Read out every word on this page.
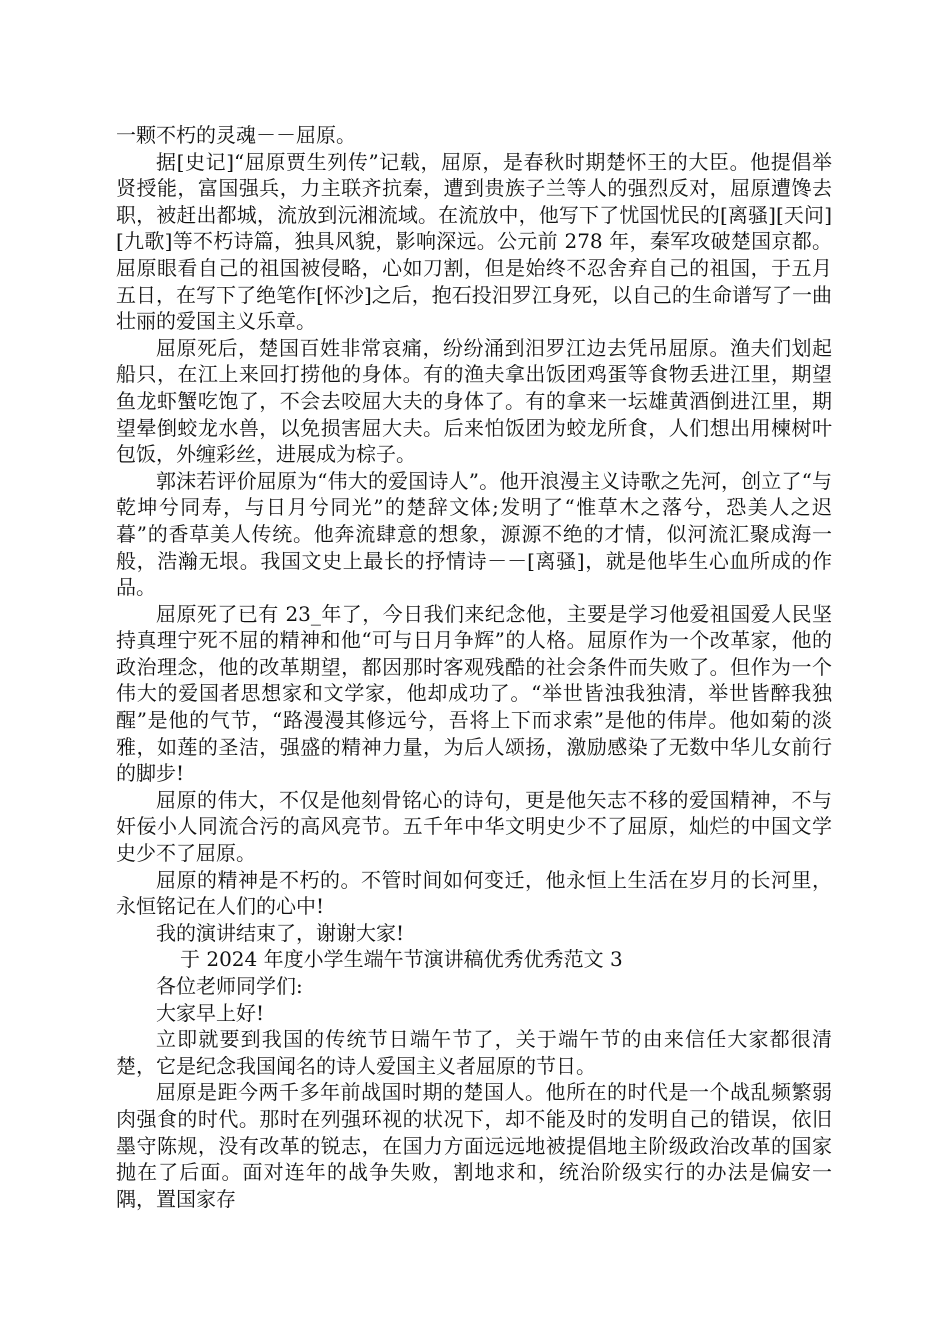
一颗不朽的灵魂－－屈原。

据[史记]“屈原贾生列传”记载，屈原，是春秋时期楚怀王的大臣。他提倡举贤授能，富国强兵，力主联齐抗秦，遭到贵族子兰等人的强烈反对，屈原遭馋去职，被赶出都城，流放到沅湘流域。在流放中，他写下了忧国忧民的[离骚][天问][九歌]等不朽诗篇，独具风貌，影响深远。公元前 278 年，秦军攻破楚国京都。屈原眼看自己的祖国被侵略，心如刀割，但是始终不忍舍弃自己的祖国，于五月五日，在写下了绝笔作[怀沙]之后，抱石投汨罗江身死，以自己的生命谱写了一曲壮丽的爱国主义乐章。

屈原死后，楚国百姓非常哀痛，纷纷涌到汨罗江边去凭吊屈原。渔夫们划起船只，在江上来回打捞他的身体。有的渔夫拿出饭团鸡蛋等食物丢进江里，期望鱼龙虾蟹吃饱了，不会去咬屈大夫的身体了。有的拿来一坛雄黄酒倒进江里，期望晕倒蛟龙水兽，以免损害屈大夫。后来怕饭团为蛟龙所食，人们想出用楝树叶包饭，外缠彩丝，进展成为棕子。

郭沫若评价屈原为“伟大的爱国诗人”。他开浪漫主义诗歌之先河，创立了“与乾坤兮同寿，与日月兮同光”的楚辞文体;发明了“惟草木之落兮，恐美人之迟暮”的香草美人传统。他奔流肆意的想象，源源不绝的才情，似河流汇聚成海一般，浩瀚无垠。我国文史上最长的抒情诗－－[离骚]，就是他毕生心血所成的作品。

屈原死了已有 23_年了，今日我们来纪念他，主要是学习他爱祖国爱人民坚持真理宁死不屈的精神和他“可与日月争辉”的人格。屈原作为一个改革家，他的政治理念，他的改革期望，都因那时客观残酷的社会条件而失败了。但作为一个伟大的爱国者思想家和文学家，他却成功了。“举世皆浊我独清，举世皆醉我独醒”是他的气节，“路漫漫其修远兮，吾将上下而求索”是他的伟岸。他如菊的淡雅，如莲的圣洁，强盛的精神力量，为后人颂扬，激励感染了无数中华儿女前行的脚步!

屈原的伟大，不仅是他刻骨铭心的诗句，更是他矢志不移的爱国精神，不与奸佞小人同流合污的高风亮节。五千年中华文明史少不了屈原，灿烂的中国文学史少不了屈原。

屈原的精神是不朽的。不管时间如何变迁，他永恒上生活在岁月的长河里，永恒铭记在人们的心中!

我的演讲结束了，谢谢大家!

于 2024 年度小学生端午节演讲稿优秀优秀范文 3

各位老师同学们:

大家早上好!

立即就要到我国的传统节日端午节了，关于端午节的由来信任大家都很清楚，它是纪念我国闻名的诗人爱国主义者屈原的节日。

屈原是距今两千多年前战国时期的楚国人。他所在的时代是一个战乱频繁弱肉强食的时代。那时在列强环视的状况下，却不能及时的发明自己的错误，依旧墨守陈规，没有改革的锐志，在国力方面远远地被提倡地主阶级政治改革的国家抛在了后面。面对连年的战争失败，割地求和，统治阶级实行的办法是偏安一隅，置国家存
